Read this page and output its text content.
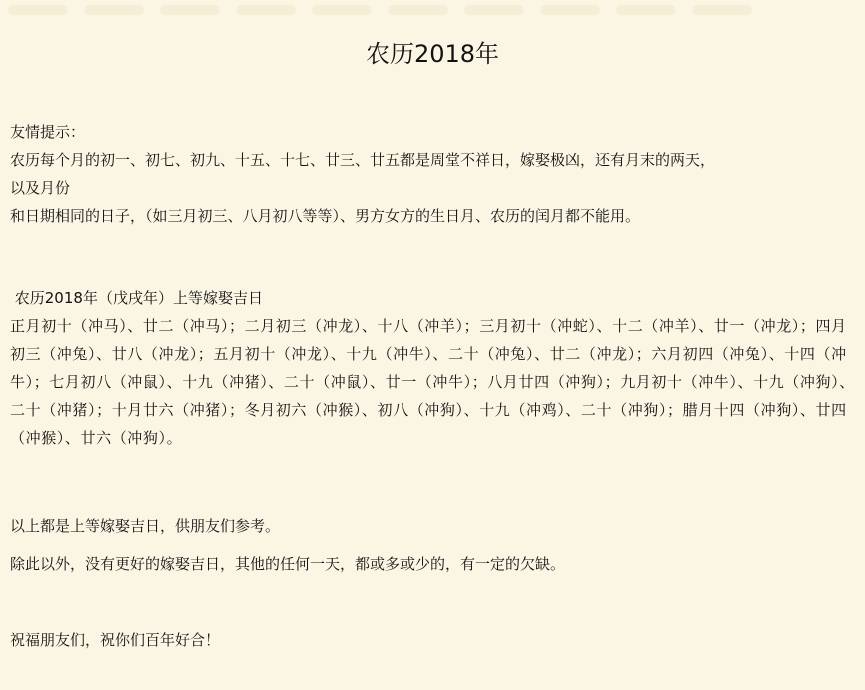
农历2018年
友情提示：
农历每个月的初一、初七、初九、十五、十七、廿三、廿五都是周堂不祥日，嫁娶极凶，还有月末的两天，
以及月份
和日期相同的日子，（如三月初三、八月初八等等）、男方女方的生日月、农历的闰月都不能用。
农历2018年（戊戌年）上等嫁娶吉日
正月初十（冲马）、廿二（冲马）；二月初三（冲龙）、十八（冲羊）；三月初十（冲蛇）、十二（冲羊）、廿一（冲龙）；四月初三（冲兔）、廿八（冲龙）；五月初十（冲龙）、十九（冲牛）、二十（冲兔）、廿二（冲龙）；六月初四（冲兔）、十四（冲牛）；七月初八（冲鼠）、十九（冲猪）、二十（冲鼠）、廿一（冲牛）；八月廿四（冲狗）；九月初十（冲牛）、十九（冲狗）、二十（冲猪）；十月廿六（冲猪）；冬月初六（冲猴）、初八（冲狗）、十九（冲鸡）、二十（冲狗）；腊月十四（冲狗）、廿四（冲猴）、廿六（冲狗）。
以上都是上等嫁娶吉日，供朋友们参考。
除此以外，没有更好的嫁娶吉日，其他的任何一天，都或多或少的，有一定的欠缺。
祝福朋友们，祝你们百年好合！
